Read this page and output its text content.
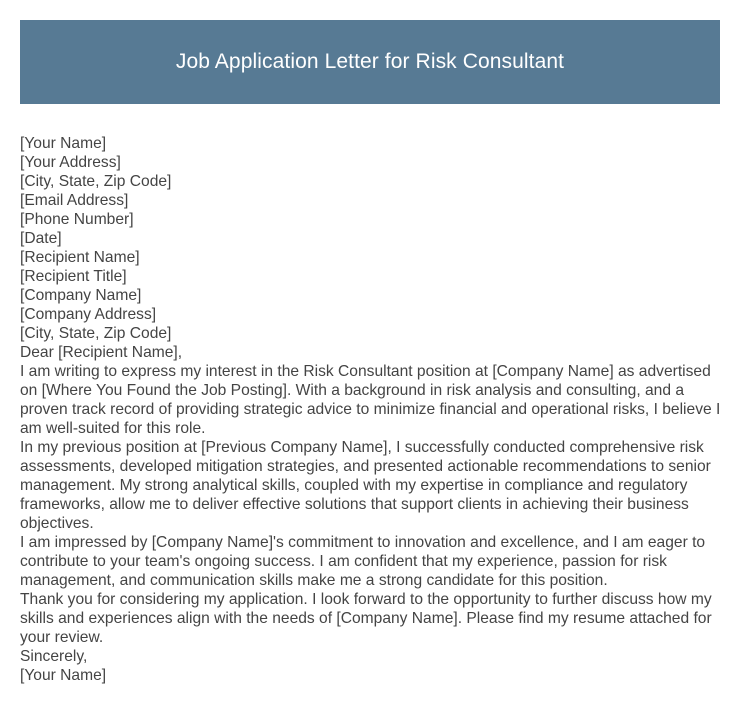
Job Application Letter for Risk Consultant

[Your Name]

[Your Address]

[City, State, Zip Code]

[Email Address]

[Phone Number]

[Date]

[Recipient Name]

[Recipient Title]

[Company Name]

[Company Address]

[City, State, Zip Code]

Dear [Recipient Name],

I am writing to express my interest in the Risk Consultant position at [Company Name] as advertised on [Where You Found the Job Posting]. With a background in risk analysis and consulting, and a proven track record of providing strategic advice to minimize financial and operational risks, I believe I am well-suited for this role.

In my previous position at [Previous Company Name], I successfully conducted comprehensive risk assessments, developed mitigation strategies, and presented actionable recommendations to senior management. My strong analytical skills, coupled with my expertise in compliance and regulatory frameworks, allow me to deliver effective solutions that support clients in achieving their business objectives.

I am impressed by [Company Name]'s commitment to innovation and excellence, and I am eager to contribute to your team's ongoing success. I am confident that my experience, passion for risk management, and communication skills make me a strong candidate for this position.

Thank you for considering my application. I look forward to the opportunity to further discuss how my skills and experiences align with the needs of [Company Name]. Please find my resume attached for your review.

Sincerely,

[Your Name]
